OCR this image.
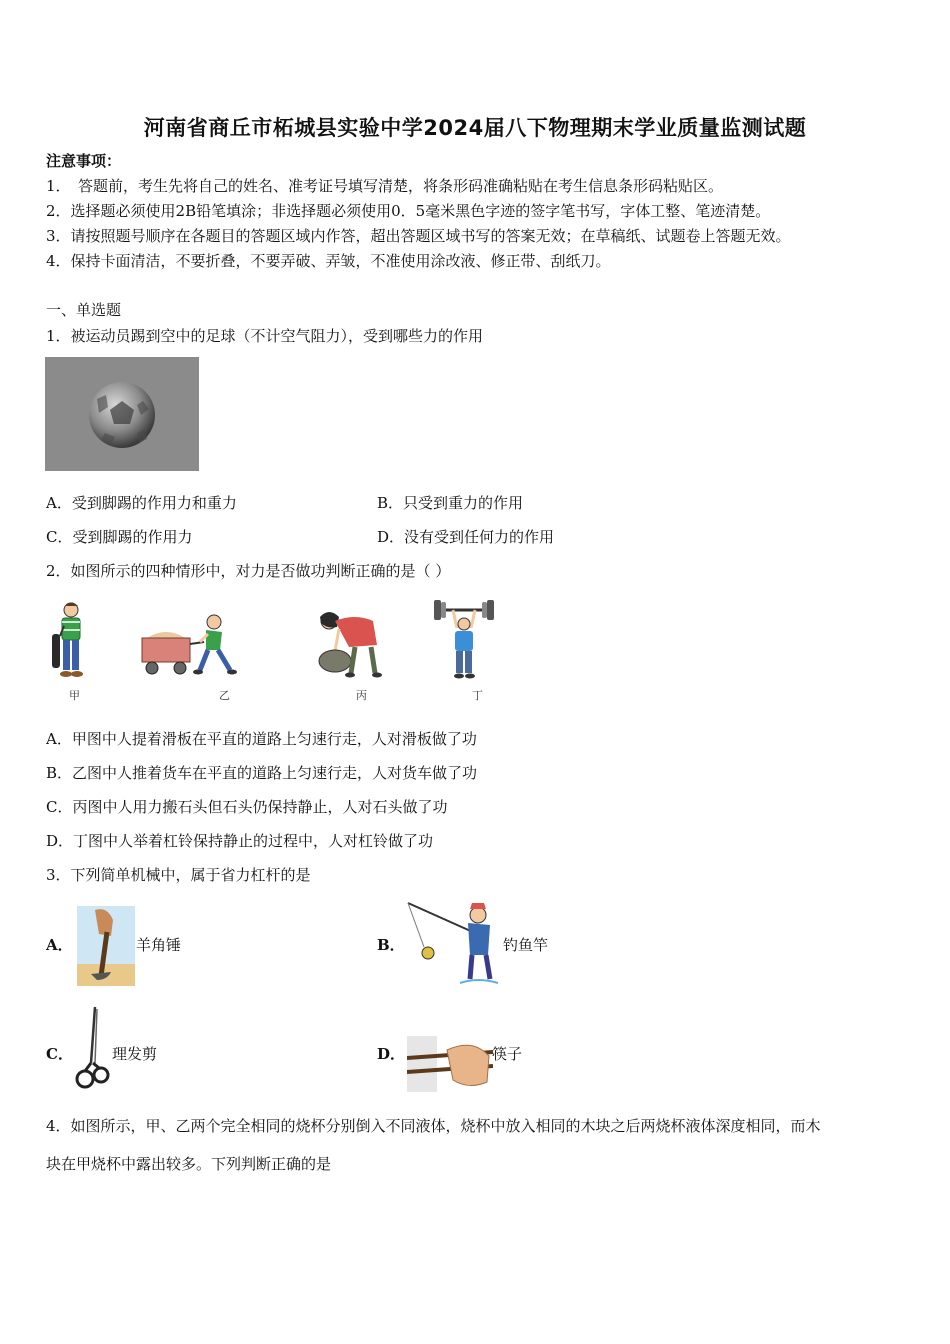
河南省商丘市柘城县实验中学2024届八下物理期末学业质量监测试题
注意事项：
1．　答题前，考生先将自己的姓名、准考证号填写清楚，将条形码准确粘贴在考生信息条形码粘贴区。
2．选择题必须使用2B铅笔填涂；非选择题必须使用0．5毫米黑色字迹的签字笔书写，字体工整、笔迹清楚。
3．请按照题号顺序在各题目的答题区域内作答，超出答题区域书写的答案无效；在草稿纸、试题卷上答题无效。
4．保持卡面清洁，不要折叠，不要弄破、弄皱，不准使用涂改液、修正带、刮纸刀。
一、单选题
1．被运动员踢到空中的足球（不计空气阻力），受到哪些力的作用
A．受到脚踢的作用力和重力	B．只受到重力的作用
C．受到脚踢的作用力	D．没有受到任何力的作用
2．如图所示的四种情形中，对力是否做功判断正确的是（ ）
甲	乙	丙	丁
A．甲图中人提着滑板在平直的道路上匀速行走，人对滑板做了功
B．乙图中人推着货车在平直的道路上匀速行走，人对货车做了功
C．丙图中人用力搬石头但石头仍保持静止，人对石头做了功
D．丁图中人举着杠铃保持静止的过程中，人对杠铃做了功
3．下列简单机械中，属于省力杠杆的是
A．	羊角锤	B．	钓鱼竿
C．	理发剪	D．	筷子
4．如图所示，甲、乙两个完全相同的烧杯分别倒入不同液体，烧杯中放入相同的木块之后两烧杯液体深度相同，而木
块在甲烧杯中露出较多。下列判断正确的是
